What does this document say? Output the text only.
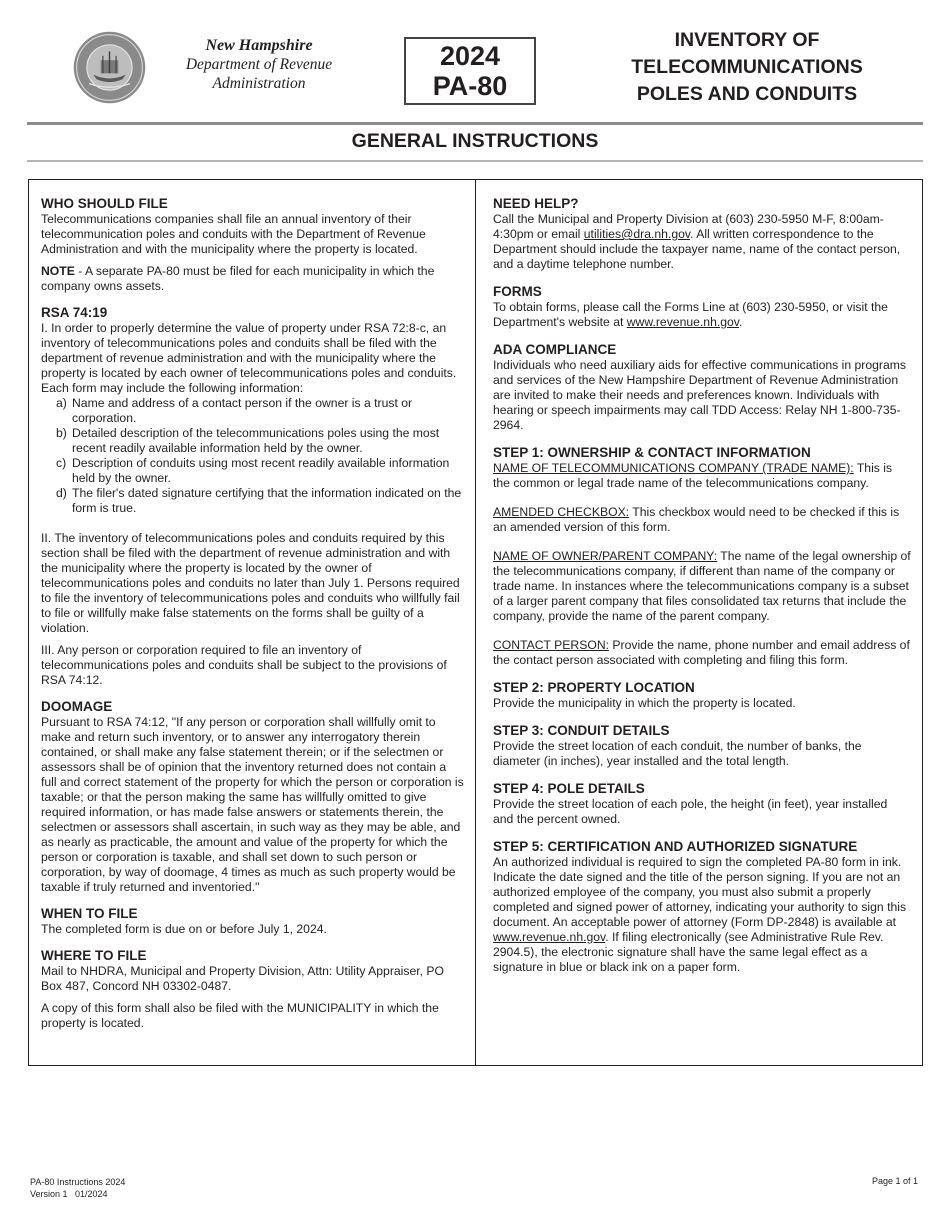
New Hampshire
Department of Revenue
Administration
2024
PA-80
INVENTORY OF
TELECOMMUNICATIONS
POLES AND CONDUITS
GENERAL INSTRUCTIONS
WHO SHOULD FILE

Telecommunications companies shall file an annual inventory of their telecommunication poles and conduits with the Department of Revenue Administration and with the municipality where the property is located.

NOTE - A separate PA-80 must be filed for each municipality in which the company owns assets.

RSA 74:19

I. In order to properly determine the value of property under RSA 72:8-c, an inventory of telecommunications poles and conduits shall be filed with the department of revenue administration and with the municipality where the property is located by each owner of telecommunications poles and conduits. Each form may include the following information:

a) Name and address of a contact person if the owner is a trust or corporation.
b) Detailed description of the telecommunications poles using the most recent readily available information held by the owner.
c) Description of conduits using most recent readily available information held by the owner.
d) The filer's dated signature certifying that the information indicated on the form is true.

II. The inventory of telecommunications poles and conduits required by this section shall be filed with the department of revenue administration and with the municipality where the property is located by the owner of telecommunications poles and conduits no later than July 1. Persons required to file the inventory of telecommunications poles and conduits who willfully fail to file or willfully make false statements on the forms shall be guilty of a violation.

III. Any person or corporation required to file an inventory of telecommunications poles and conduits shall be subject to the provisions of RSA 74:12.

DOOMAGE

Pursuant to RSA 74:12, "If any person or corporation shall willfully omit to make and return such inventory, or to answer any interrogatory therein contained, or shall make any false statement therein; or if the selectmen or assessors shall be of opinion that the inventory returned does not contain a full and correct statement of the property for which the person or corporation is taxable; or that the person making the same has willfully omitted to give required information, or has made false answers or statements therein, the selectmen or assessors shall ascertain, in such way as they may be able, and as nearly as practicable, the amount and value of the property for which the person or corporation is taxable, and shall set down to such person or corporation, by way of doomage, 4 times as much as such property would be taxable if truly returned and inventoried."

WHEN TO FILE

The completed form is due on or before July 1, 2024.

WHERE TO FILE

Mail to NHDRA, Municipal and Property Division, Attn: Utility Appraiser, PO Box 487, Concord NH 03302-0487.

A copy of this form shall also be filed with the MUNICIPALITY in which the property is located.

NEED HELP?

Call the Municipal and Property Division at (603) 230-5950 M-F, 8:00am-4:30pm or email utilities@dra.nh.gov. All written correspondence to the Department should include the taxpayer name, name of the contact person, and a daytime telephone number.

FORMS

To obtain forms, please call the Forms Line at (603) 230-5950, or visit the Department's website at www.revenue.nh.gov.

ADA COMPLIANCE

Individuals who need auxiliary aids for effective communications in programs and services of the New Hampshire Department of Revenue Administration are invited to make their needs and preferences known. Individuals with hearing or speech impairments may call TDD Access: Relay NH 1-800-735-2964.

STEP 1: OWNERSHIP & CONTACT INFORMATION

NAME OF TELECOMMUNICATIONS COMPANY (TRADE NAME): This is the common or legal trade name of the telecommunications company.

AMENDED CHECKBOX: This checkbox would need to be checked if this is an amended version of this form.

NAME OF OWNER/PARENT COMPANY: The name of the legal ownership of the telecommunications company, if different than name of the company or trade name. In instances where the telecommunications company is a subset of a larger parent company that files consolidated tax returns that include the company, provide the name of the parent company.

CONTACT PERSON: Provide the name, phone number and email address of the contact person associated with completing and filing this form.

STEP 2: PROPERTY LOCATION

Provide the municipality in which the property is located.

STEP 3: CONDUIT DETAILS

Provide the street location of each conduit, the number of banks, the diameter (in inches), year installed and the total length.

STEP 4: POLE DETAILS

Provide the street location of each pole, the height (in feet), year installed and the percent owned.

STEP 5: CERTIFICATION AND AUTHORIZED SIGNATURE

An authorized individual is required to sign the completed PA-80 form in ink. Indicate the date signed and the title of the person signing. If you are not an authorized employee of the company, you must also submit a properly completed and signed power of attorney, indicating your authority to sign this document. An acceptable power of attorney (Form DP-2848) is available at www.revenue.nh.gov. If filing electronically (see Administrative Rule Rev. 2904.5), the electronic signature shall have the same legal effect as a signature in blue or black ink on a paper form.

PA-80 Instructions 2024
Version 1   01/2024
Page 1 of 1
